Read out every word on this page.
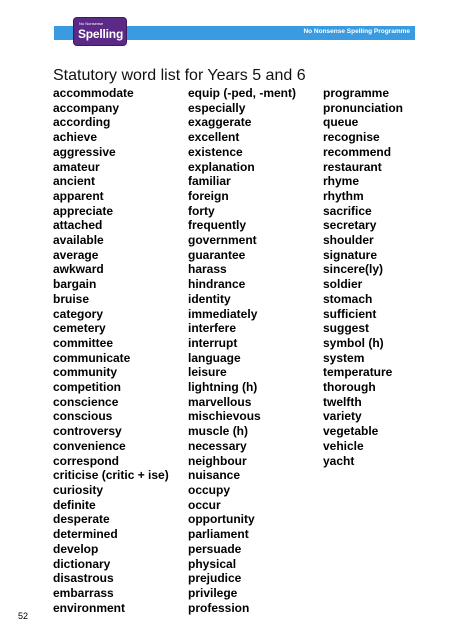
No Nonsense Spelling Programme
No Nonsense
Spelling
Statutory word list for Years 5 and 6
accommodate
accompany
according
achieve
aggressive
amateur
ancient
apparent
appreciate
attached
available
average
awkward
bargain
bruise
category
cemetery
committee
communicate
community
competition
conscience
conscious
controversy
convenience
correspond
criticise (critic + ise)
curiosity
definite
desperate
determined
develop
dictionary
disastrous
embarrass
environment
equip (-ped, -ment)
especially
exaggerate
excellent
existence
explanation
familiar
foreign
forty
frequently
government
guarantee
harass
hindrance
identity
immediately
interfere
interrupt
language
leisure
lightning (h)
marvellous
mischievous
muscle (h)
necessary
neighbour
nuisance
occupy
occur
opportunity
parliament
persuade
physical
prejudice
privilege
profession
programme
pronunciation
queue
recognise
recommend
restaurant
rhyme
rhythm
sacrifice
secretary
shoulder
signature
sincere(ly)
soldier
stomach
sufficient
suggest
symbol (h)
system
temperature
thorough
twelfth
variety
vegetable
vehicle
yacht
52
